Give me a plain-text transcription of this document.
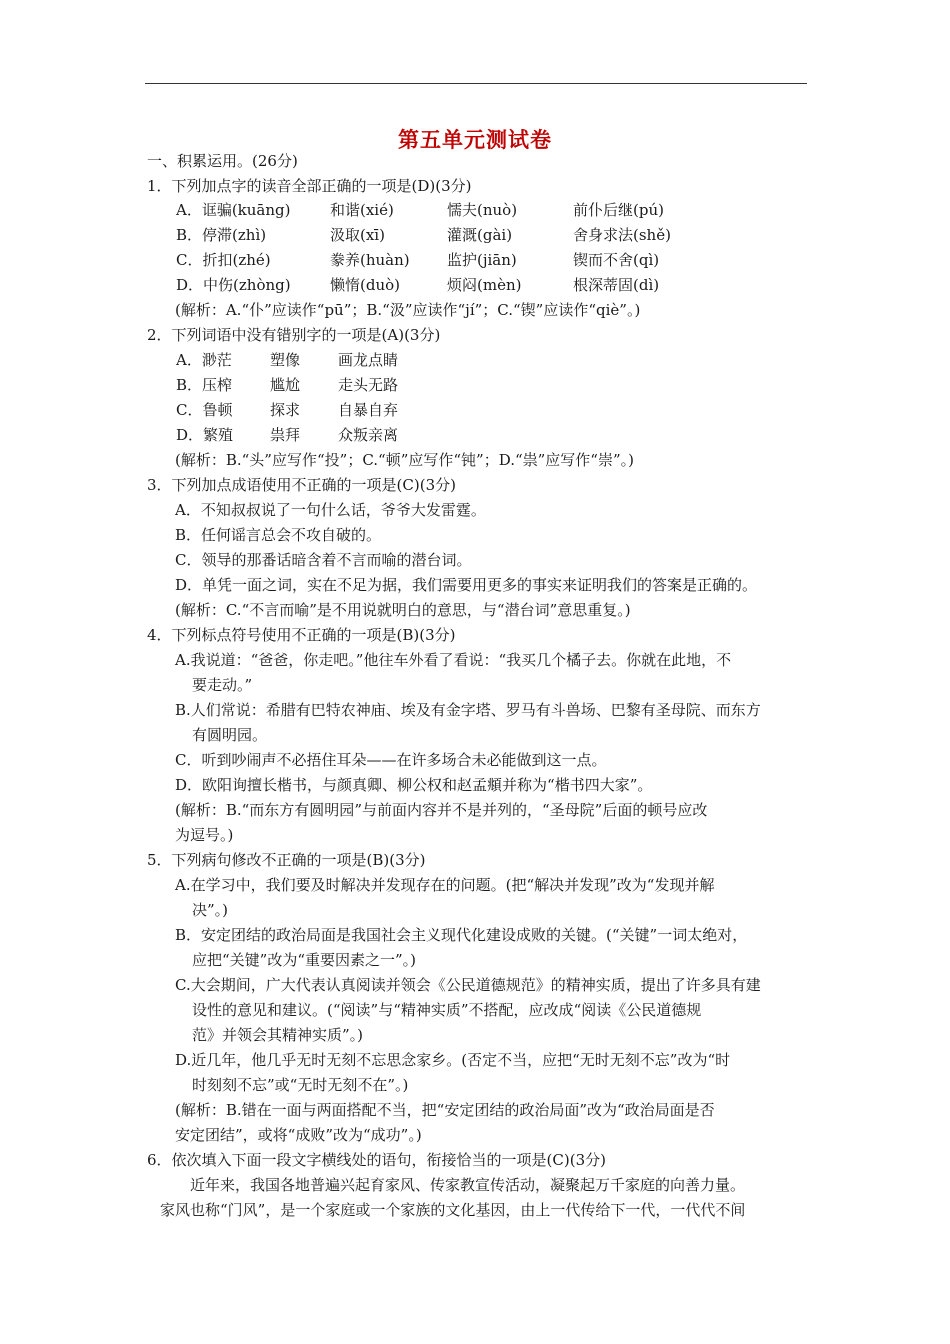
第五单元测试卷
一、积累运用。(26分)
1．下列加点字的读音全部正确的一项是(D)(3分)
A．诓骗(kuāng)	和谐(xié)	懦夫(nuò)	前仆后继(pú)
B．停滞(zhì)	汲取(xī)	灌溉(gài)	舍身求法(shě)
C．折扣(zhé)	豢养(huàn) 监护(jiān)	锲而不舍(qì)
D．中伤(zhòng)	懒惰(duò)	烦闷(mèn)	根深蒂固(dì)
(解析：A.“仆”应读作“pū”；B.“汲”应读作“jí”；C.“锲”应读作“qiè”。)
2．下列词语中没有错别字的一项是(A)(3分)
A．渺茫	塑像	画龙点睛
B．压榨	尴尬	走头无路
C．鲁顿	探求	自暴自弃
D．繁殖 祟拜	众叛亲离
(解析：B.“头”应写作“投”；C.“顿”应写作“钝”；D.“祟”应写作“崇”。)
3．下列加点成语使用不正确的一项是(C)(3分)
A．不知叔叔说了一句什么话，爷爷大发雷霆。
B．任何谣言总会不攻自破的。
C．领导的那番话暗含着不言而喻的潜台词。
D．单凭一面之词，实在不足为据，我们需要用更多的事实来证明我们的答案是正确的。
(解析：C.“不言而喻”是不用说就明白的意思，与“潜台词”意思重复。)
4．下列标点符号使用不正确的一项是(B)(3分)
A.我说道：“爸爸，你走吧。”他往车外看了看说：“我买几个橘子去。你就在此地，不
要走动。”
B.人们常说：希腊有巴特农神庙、埃及有金字塔、罗马有斗兽场、巴黎有圣母院、而东方
有圆明园。
C．听到吵闹声不必捂住耳朵——在许多场合未必能做到这一点。
D．欧阳询擅长楷书，与颜真卿、柳公权和赵孟頫并称为“楷书四大家”。
(解析：B.“而东方有圆明园”与前面内容并不是并列的，“圣母院”后面的顿号应改
为逗号。)
5．下列病句修改不正确的一项是(B)(3分)
A.在学习中，我们要及时解决并发现存在的问题。(把“解决并发现”改为“发现并解
决”。)
B．安定团结的政治局面是我国社会主义现代化建设成败的关键。(“关键”一词太绝对，
应把“关键”改为“重要因素之一”。)
C.大会期间，广大代表认真阅读并领会《公民道德规范》的精神实质，提出了许多具有建
设性的意见和建议。(“阅读”与“精神实质”不搭配，应改成“阅读《公民道德规
范》并领会其精神实质”。)
D.近几年，他几乎无时无刻不忘思念家乡。(否定不当，应把“无时无刻不忘”改为“时
时刻刻不忘”或“无时无刻不在”。)
(解析：B.错在一面与两面搭配不当，把“安定团结的政治局面”改为“政治局面是否
安定团结”，或将“成败”改为“成功”。)
6．依次填入下面一段文字横线处的语句，衔接恰当的一项是(C)(3分)
近年来，我国各地普遍兴起育家风、传家教宣传活动，凝聚起万千家庭的向善力量。
家风也称“门风”，是一个家庭或一个家族的文化基因，由上一代传给下一代，一代代不间
